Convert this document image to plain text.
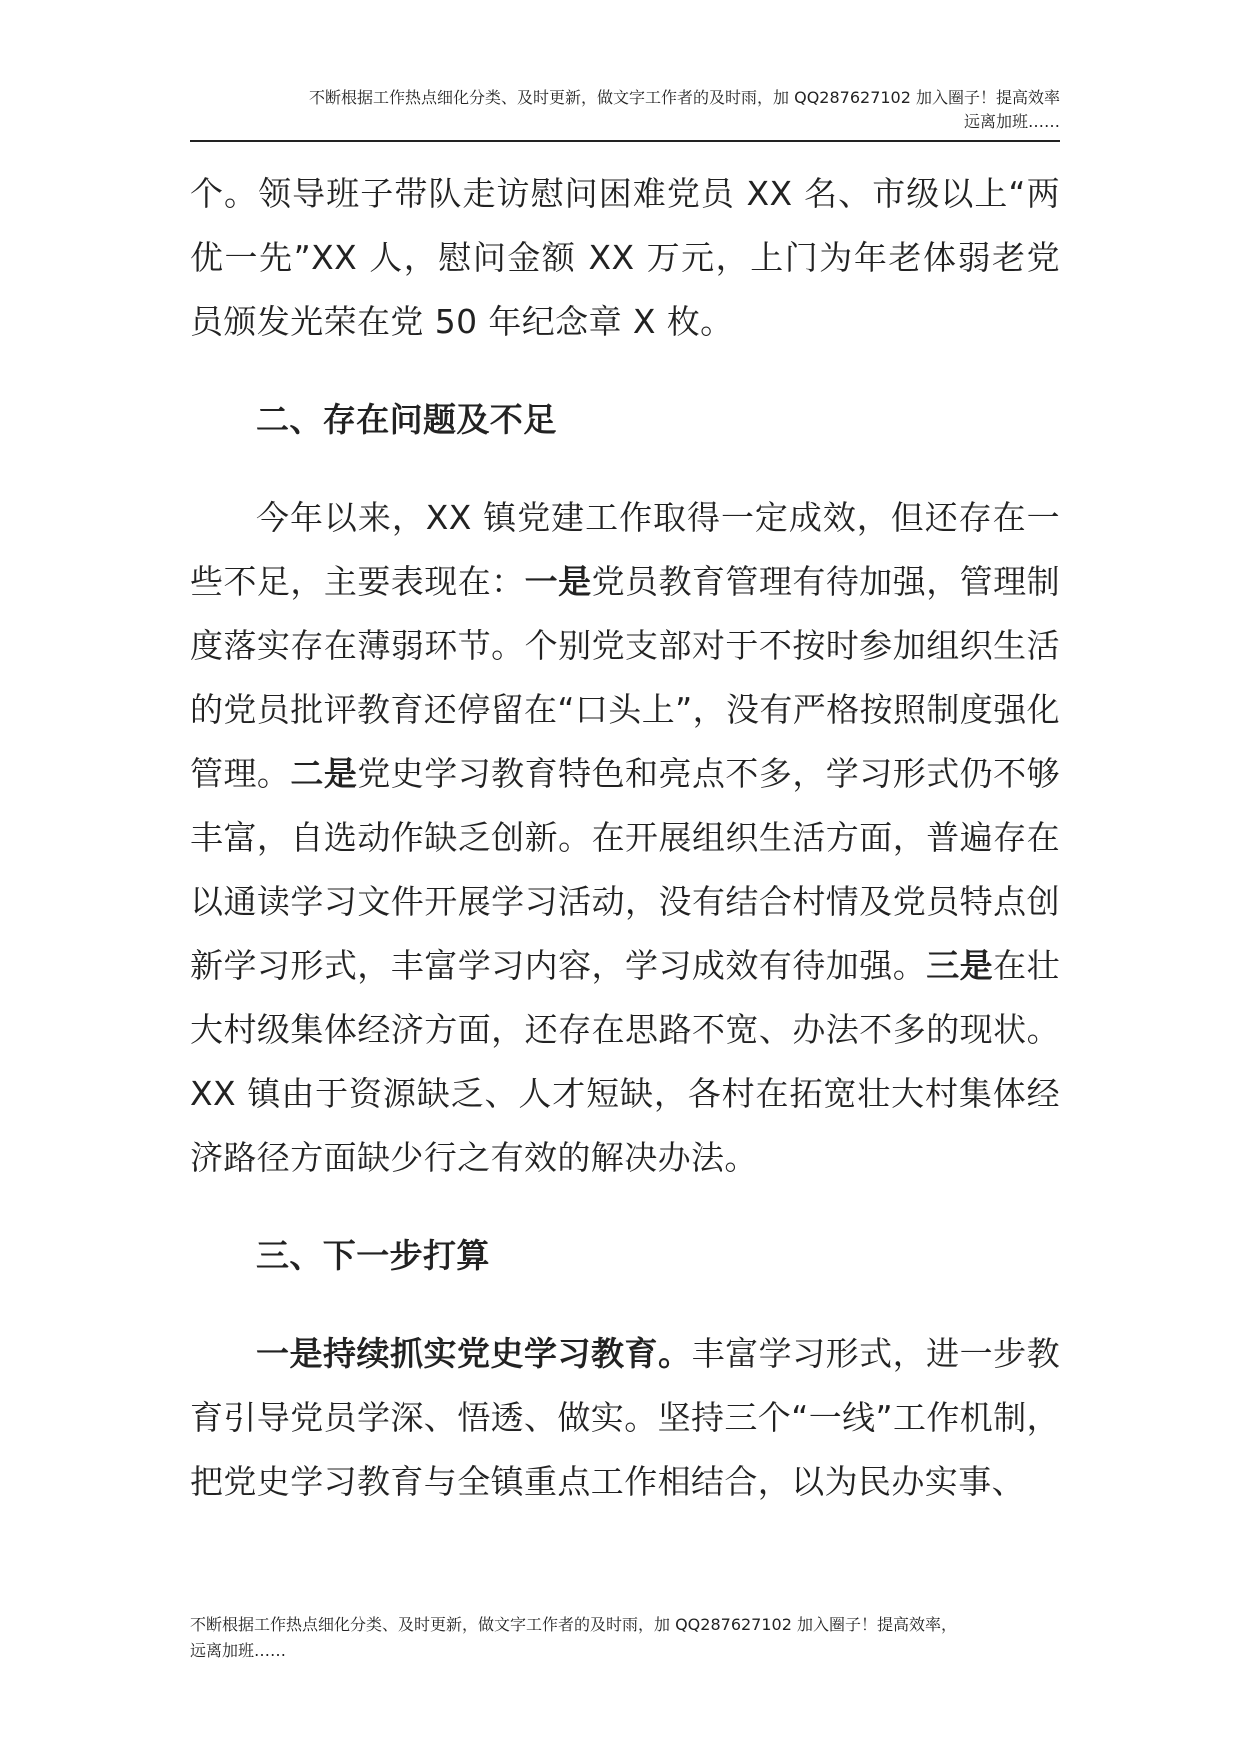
不断根据工作热点细化分类、及时更新，做文字工作者的及时雨，加 QQ287627102 加入圈子！提高效率
远离加班……

个。领导班子带队走访慰问困难党员 XX 名、市级以上“两优一先”XX 人，慰问金额 XX 万元，上门为年老体弱老党员颁发光荣在党 50 年纪念章 X 枚。

二、存在问题及不足

今年以来，XX 镇党建工作取得一定成效，但还存在一些不足，主要表现在：一是党员教育管理有待加强，管理制度落实存在薄弱环节。个别党支部对于不按时参加组织生活的党员批评教育还停留在“口头上”，没有严格按照制度强化管理。二是党史学习教育特色和亮点不多，学习形式仍不够丰富，自选动作缺乏创新。在开展组织生活方面，普遍存在以通读学习文件开展学习活动，没有结合村情及党员特点创新学习形式，丰富学习内容，学习成效有待加强。三是在壮大村级集体经济方面，还存在思路不宽、办法不多的现状。XX 镇由于资源缺乏、人才短缺，各村在拓宽壮大村集体经济路径方面缺少行之有效的解决办法。

三、下一步打算

一是持续抓实党史学习教育。丰富学习形式，进一步教育引导党员学深、悟透、做实。坚持三个“一线”工作机制，把党史学习教育与全镇重点工作相结合，以为民办实事、

不断根据工作热点细化分类、及时更新，做文字工作者的及时雨，加 QQ287627102 加入圈子！提高效率，
远离加班……
